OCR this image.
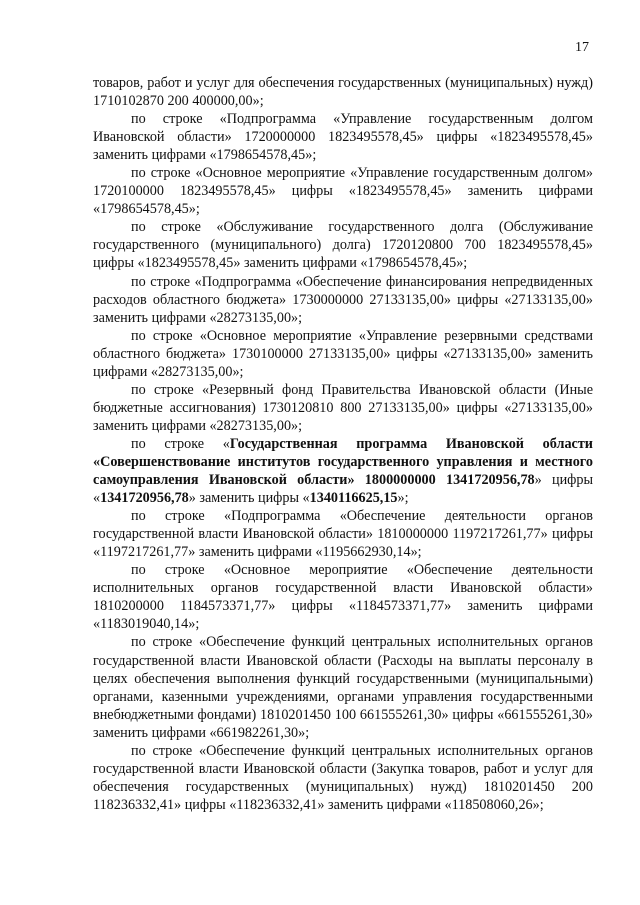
17

товаров, работ и услуг для обеспечения государственных (муниципальных) нужд) 1710102870 200 400000,00»;

по строке «Подпрограмма «Управление государственным долгом Ивановской области» 1720000000 1823495578,45» цифры «1823495578,45» заменить цифрами «1798654578,45»;

по строке «Основное мероприятие «Управление государственным долгом» 1720100000 1823495578,45» цифры «1823495578,45» заменить цифрами «1798654578,45»;

по строке «Обслуживание государственного долга (Обслуживание государственного (муниципального) долга) 1720120800 700 1823495578,45» цифры «1823495578,45» заменить цифрами «1798654578,45»;

по строке «Подпрограмма «Обеспечение финансирования непредвиденных расходов областного бюджета» 1730000000 27133135,00» цифры «27133135,00» заменить цифрами «28273135,00»;

по строке «Основное мероприятие «Управление резервными средствами областного бюджета» 1730100000 27133135,00» цифры «27133135,00» заменить цифрами «28273135,00»;

по строке «Резервный фонд Правительства Ивановской области (Иные бюджетные ассигнования) 1730120810 800 27133135,00» цифры «27133135,00» заменить цифрами «28273135,00»;

по строке «Государственная программа Ивановской области «Совершенствование институтов государственного управления и местного самоуправления Ивановской области» 1800000000 1341720956,78» цифры «1341720956,78» заменить цифры «1340116625,15»;

по строке «Подпрограмма «Обеспечение деятельности органов государственной власти Ивановской области» 1810000000 1197217261,77» цифры «1197217261,77» заменить цифрами «1195662930,14»;

по строке «Основное мероприятие «Обеспечение деятельности исполнительных органов государственной власти Ивановской области» 1810200000 1184573371,77» цифры «1184573371,77» заменить цифрами «1183019040,14»;

по строке «Обеспечение функций центральных исполнительных органов государственной власти Ивановской области (Расходы на выплаты персоналу в целях обеспечения выполнения функций государственными (муниципальными) органами, казенными учреждениями, органами управления государственными внебюджетными фондами) 1810201450 100 661555261,30» цифры «661555261,30» заменить цифрами «661982261,30»;

по строке «Обеспечение функций центральных исполнительных органов государственной власти Ивановской области (Закупка товаров, работ и услуг для обеспечения государственных (муниципальных) нужд) 1810201450 200 118236332,41» цифры «118236332,41» заменить цифрами «118508060,26»;
